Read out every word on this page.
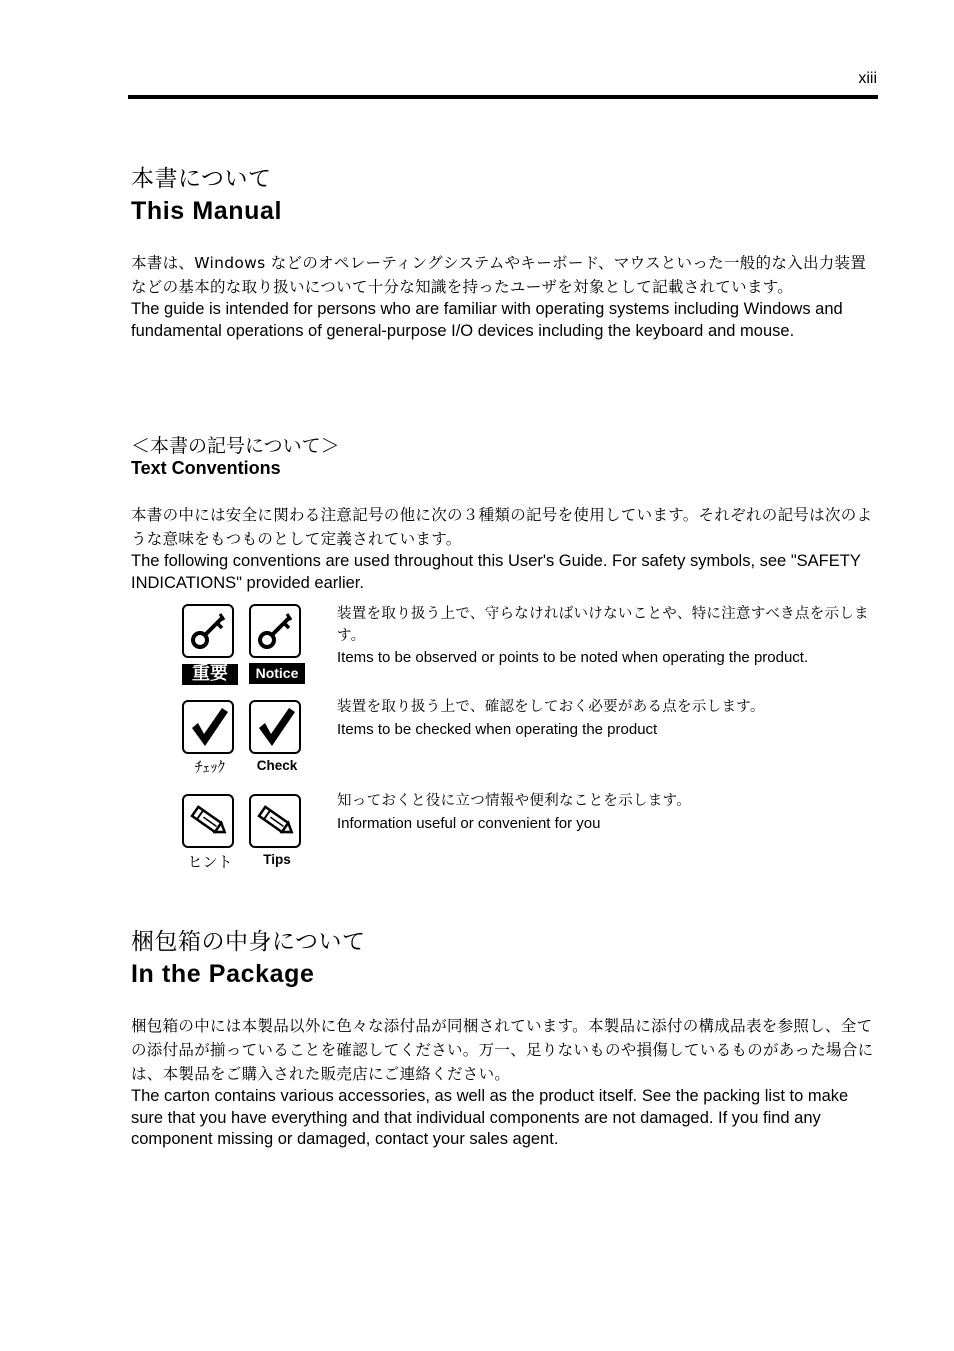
xiii
本書について
This Manual

本書は、Windows などのオペレーティングシステムやキーボード、マウスといった一般的な入出力装置などの基本的な取り扱いについて十分な知識を持ったユーザを対象として記載されています。

The guide is intended for persons who are familiar with operating systems including Windows and fundamental operations of general-purpose I/O devices including the keyboard and mouse.

＜本書の記号について＞
Text Conventions

本書の中には安全に関わる注意記号の他に次の３種類の記号を使用しています。それぞれの記号は次のような意味をもつものとして定義されています。

The following conventions are used throughout this User's Guide. For safety symbols, see "SAFETY INDICATIONS" provided earlier.

重要	Notice

装置を取り扱う上で、守らなければいけないことや、特に注意すべき点を示します。

Items to be observed or points to be noted when operating the product.

ﾁｪｯｸ	Check

装置を取り扱う上で、確認をしておく必要がある点を示します。

Items to be checked when operating the product

ヒント	Tips

知っておくと役に立つ情報や便利なことを示します。

Information useful or convenient for you

梱包箱の中身について
In the Package

梱包箱の中には本製品以外に色々な添付品が同梱されています。本製品に添付の構成品表を参照し、全ての添付品が揃っていることを確認してください。万一、足りないものや損傷しているものがあった場合には、本製品をご購入された販売店にご連絡ください。

The carton contains various accessories, as well as the product itself. See the packing list to make sure that you have everything and that individual components are not damaged. If you find any component missing or damaged, contact your sales agent.
